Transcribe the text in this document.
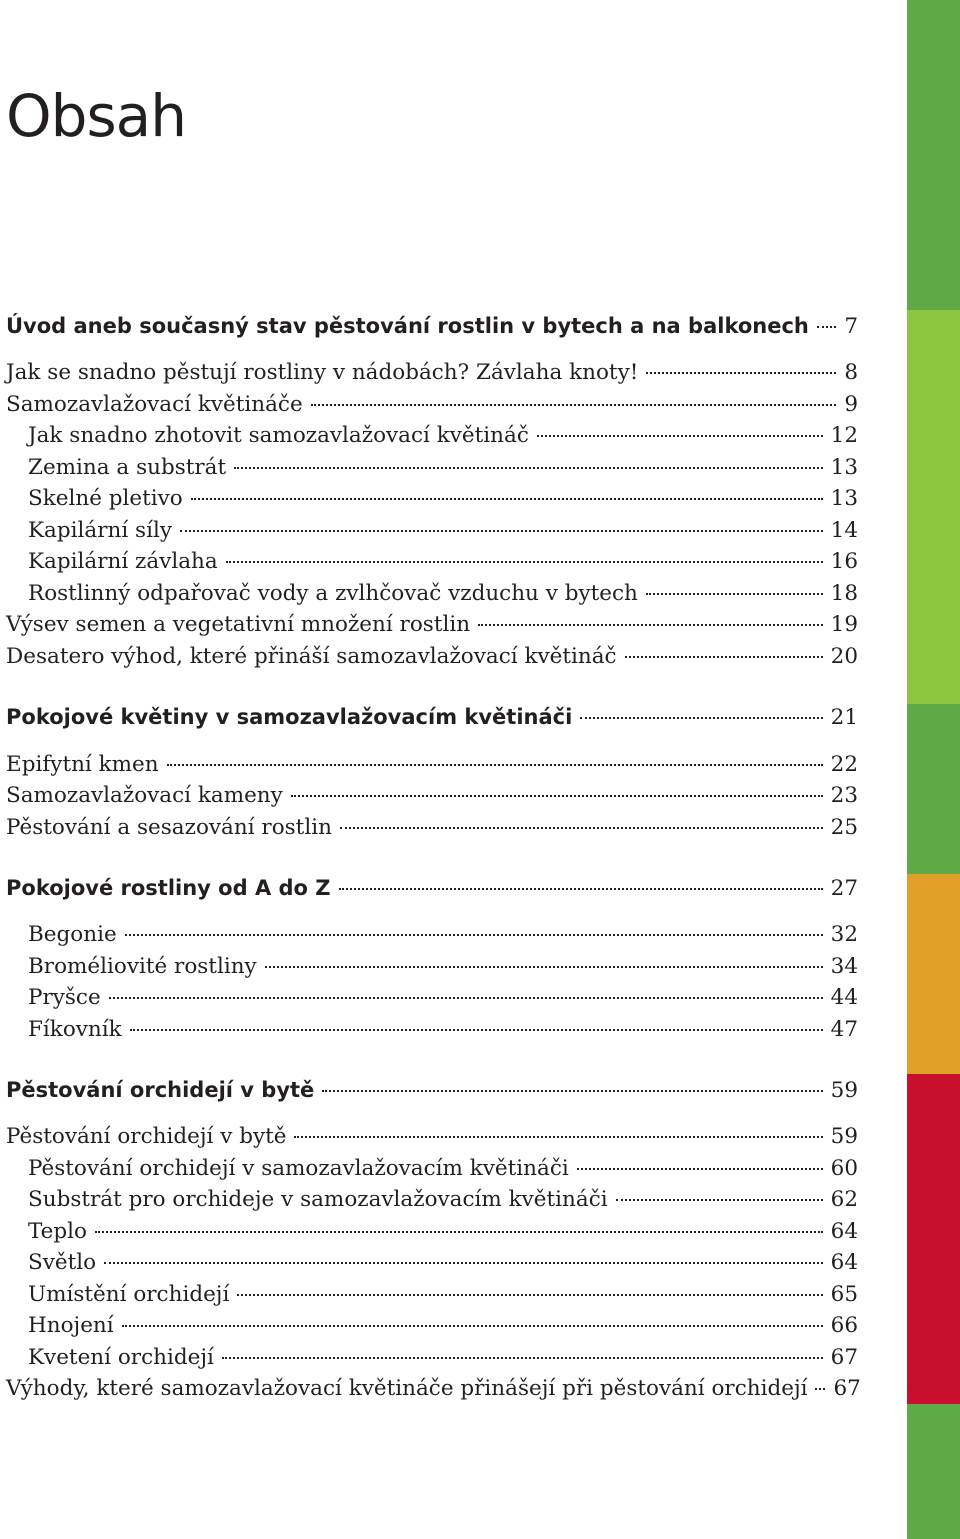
Obsah
Úvod aneb současný stav pěstování rostlin v bytech a na balkonech 7
Jak se snadno pěstují rostliny v nádobách? Závlaha knoty!	8
Samozavlažovací květináče	9
Jak snadno zhotovit samozavlažovací květináč	12
Zemina a substrát	13
Skelné pletivo	13
Kapilární síly	14
Kapilární závlaha	16
Rostlinný odpařovač vody a zvlhčovač vzduchu v bytech	18
Výsev semen a vegetativní množení rostlin	19
Desatero výhod, které přináší samozavlažovací květináč	20
Pokojové květiny v samozavlažovacím květináči	21
Epifytní kmen	22
Samozavlažovací kameny	23
Pěstování a sesazování rostlin	25
Pokojové rostliny od A do Z	27
Begonie	32
Broméliovité rostliny	34
Pryšce	44
Fíkovník	47
Pěstování orchidejí v bytě	59
Pěstování orchidejí v bytě	59
Pěstování orchidejí v samozavlažovacím květináči	60
Substrát pro orchideje v samozavlažovacím květináči	62
Teplo	64
Světlo	64
Umístění orchidejí	65
Hnojení	66
Kvetení orchidejí	67
Výhody, které samozavlažovací květináče přinášejí při pěstování orchidejí 67
1
2
3
4
